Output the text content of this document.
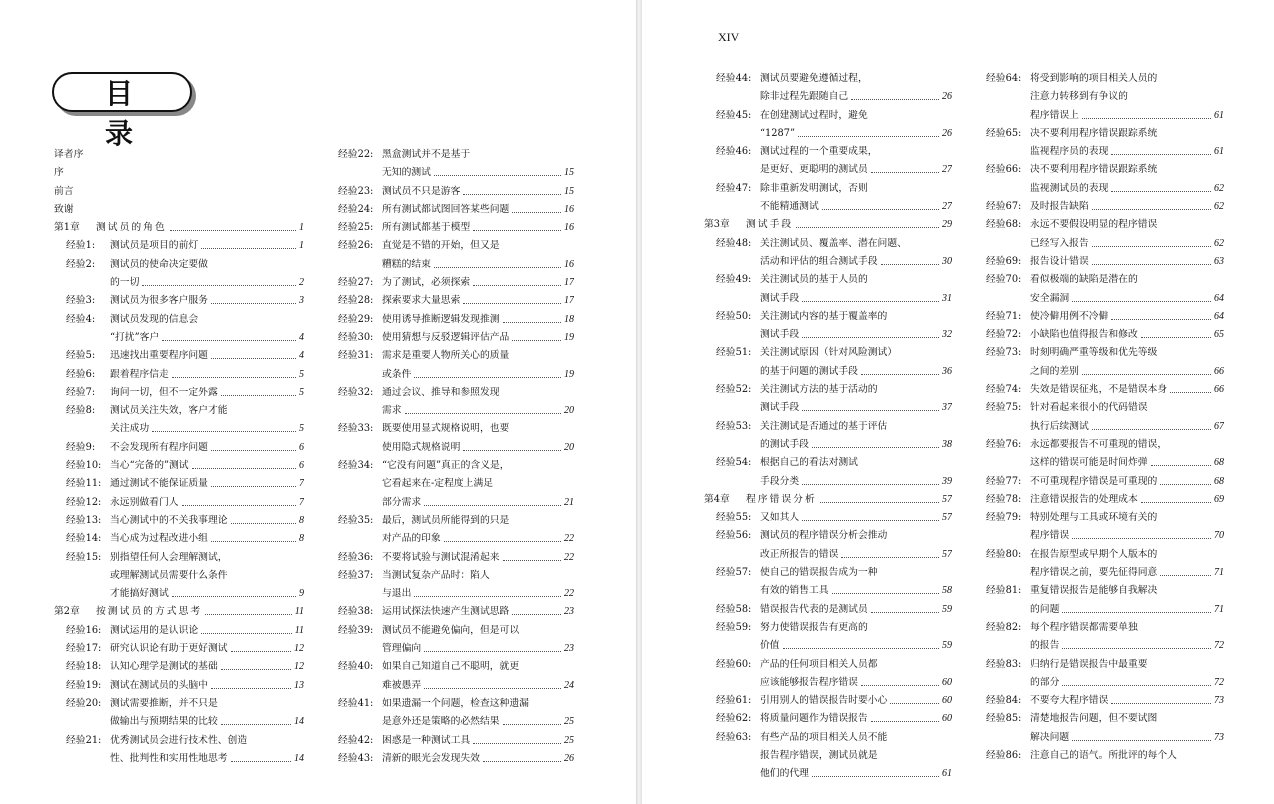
目录
译者序
序
前言
致谢
第1章 测试员的角色	1
经验1: 测试员是项目的前灯	1
经验2: 测试员的使命决定要做
的一切	2
经验3: 测试员为很多客户服务	3
经验4: 测试员发现的信息会
“打扰”客户	4
经验5: 迅速找出重要程序问题	4
经验6: 跟着程序信走	5
经验7: 询问一切，但不一定外露	5
经验8: 测试员关注失效，客户才能
关注成功	5
经验9: 不会发现所有程序问题	6
经验10: 当心“完备的”测试	6
经验11: 通过测试不能保证质量	7
经验12: 永远别做看门人	7
经验13: 当心测试中的不关我事理论	8
经验14: 当心成为过程改进小组	8
经验15: 别指望任何人会理解测试，
或理解测试员需要什么条件
才能搞好测试	9
第2章 按测试员的方式思考	11
经验16: 测试运用的是认识论	11
经验17: 研究认识论有助于更好测试	12
经验18: 认知心理学是测试的基础	12
经验19: 测试在测试员的头脑中	13
经验20: 测试需要推断，并不只是
做输出与预期结果的比较	14
经验21: 优秀测试员会进行技术性、创造
性、批判性和实用性地思考	14
经验22: 黑盒测试并不是基于
无知的测试	15
经验23: 测试员不只是游客	15
经验24: 所有测试都试图回答某些问题	16
经验25: 所有测试都基于模型	16
经验26: 直觉是不错的开始，但又是
糟糕的结束	16
经验27: 为了测试，必须探索	17
经验28: 探索要求大量思索	17
经验29: 使用诱导推断逻辑发现推测	18
经验30: 使用猜想与反驳逻辑评估产品	19
经验31: 需求是重要人物所关心的质量
或条件	19
经验32: 通过会议、推导和参照发现
需求	20
经验33: 既要使用显式规格说明，也要
使用隐式规格说明	20
经验34: “它没有问题”真正的含义是，
它看起来在-定程度上满足
部分需求	21
经验35: 最后，测试员所能得到的只是
对产品的印象	22
经验36: 不要将试验与测试混淆起来	22
经验37: 当测试复杂产品时：陷人
与退出	22
经验38: 运用试探法快速产生测试思路	23
经验39: 测试员不能避免偏向，但是可以
管理偏向	23
经验40: 如果自己知道自己不聪明，就更
难被愚弄	24
经验41: 如果遗漏一个问题，检查这种遗漏
是意外还是策略的必然结果	25
经验42: 困惑是一种测试工具	25
经验43: 清新的眼光会发现失效	26
XIV
经验44: 测试员要避免遵循过程，
除非过程先跟随自己	26
经验45: 在创建测试过程时，避免
“1287”	26
经验46: 测试过程的一个重要成果，
是更好、更聪明的测试员	27
经验47: 除非重新发明测试，否则
不能精通测试	27
第3章 测试手段	29
经验48: 关注测试员、覆盖率、潜在问题、
活动和评估的组合测试手段	30
经验49: 关注测试员的基于人员的
测试手段	31
经验50: 关注测试内容的基于覆盖率的
测试手段	32
经验51: 关注测试原因（针对风险测试）
的基于问题的测试手段	36
经验52: 关注测试方法的基于活动的
测试手段	37
经验53: 关注测试是否通过的基于评估
的测试手段	38
经验54: 根据自己的看法对测试
手段分类	39
第4章 程序错误分析	57
经验55: 又如其人	57
经验56: 测试员的程序错误分析会推动
改正所报告的错误	57
经验57: 使自己的错误报告成为一种
有效的销售工具	58
经验58: 错误报告代表的是测试员	59
经验59: 努力使错误报告有更高的
价值	59
经验60: 产品的任何项目相关人员都
应该能够报告程序错误	60
经验61: 引用别人的错误报告时要小心	60
经验62: 将质量问题作为错误报告	60
经验63: 有些产品的项目相关人员不能
报告程序错误，测试员就是
他们的代理	61
经验64: 将受到影响的项目相关人员的
注意力转移到有争议的
程序错误上	61
经验65: 决不要利用程序错误跟踪系统
监视程序员的表现	61
经验66: 决不要利用程序错误跟踪系统
监视测试员的表现	62
经验67: 及时报告缺陷	62
经验68: 永远不要假设明显的程序错误
已经写入报告	62
经验69: 报告设计错误	63
经验70: 看似极端的缺陷是潜在的
安全漏洞	64
经验71: 使冷僻用例不冷僻	64
经验72: 小缺陷也值得报告和修改	65
经验73: 时刻明确严重等级和优先等级
之间的差别	66
经验74: 失效是错误征兆，不是错误本身	66
经验75: 针对看起来很小的代码错误
执行后续测试	67
经验76: 永远都要报告不可重现的错误，
这样的错误可能是时间炸弹	68
经验77: 不可重现程序错误是可重现的	68
经验78: 注意错误报告的处理成本	69
经验79: 特别处理与工具或环境有关的
程序错误	70
经验80: 在报告原型或早期个人版本的
程序错误之前，要先征得同意	71
经验81: 重复错误报告是能够自我解决
的问题	71
经验82: 每个程序错误都需要单独
的报告	72
经验83: 归纳行是错误报告中最重要
的部分	72
经验84: 不要夸大程序错误	73
经验85: 清楚地报告问题，但不要试图
解决问题	73
经验86: 注意自己的语气。所批评的每个人
